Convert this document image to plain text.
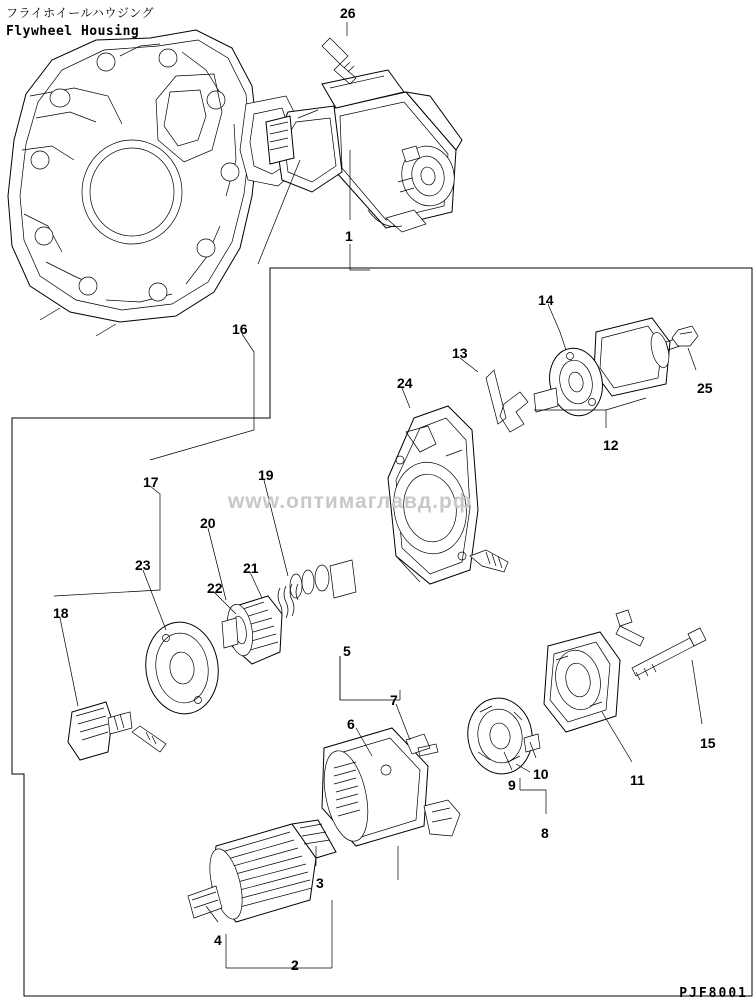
フライホイールハウジング
Flywheel Housing
www.оптимаглавд.рф
26
1
16
14
13
25
24
12
17	19
20
23	21
22
18
5
7
6
15
11
9
10
8
3
4
2
PJF8001
